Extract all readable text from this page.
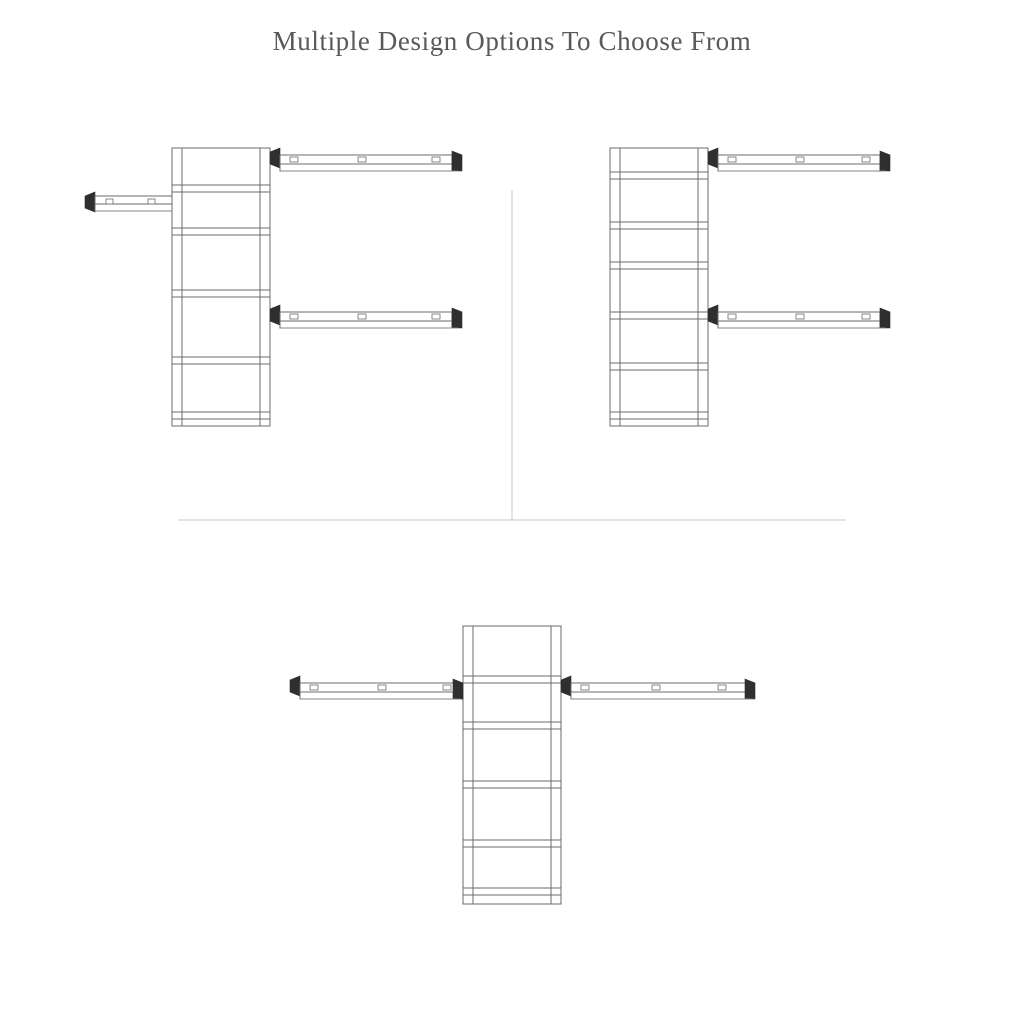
Multiple Design Options To Choose From
